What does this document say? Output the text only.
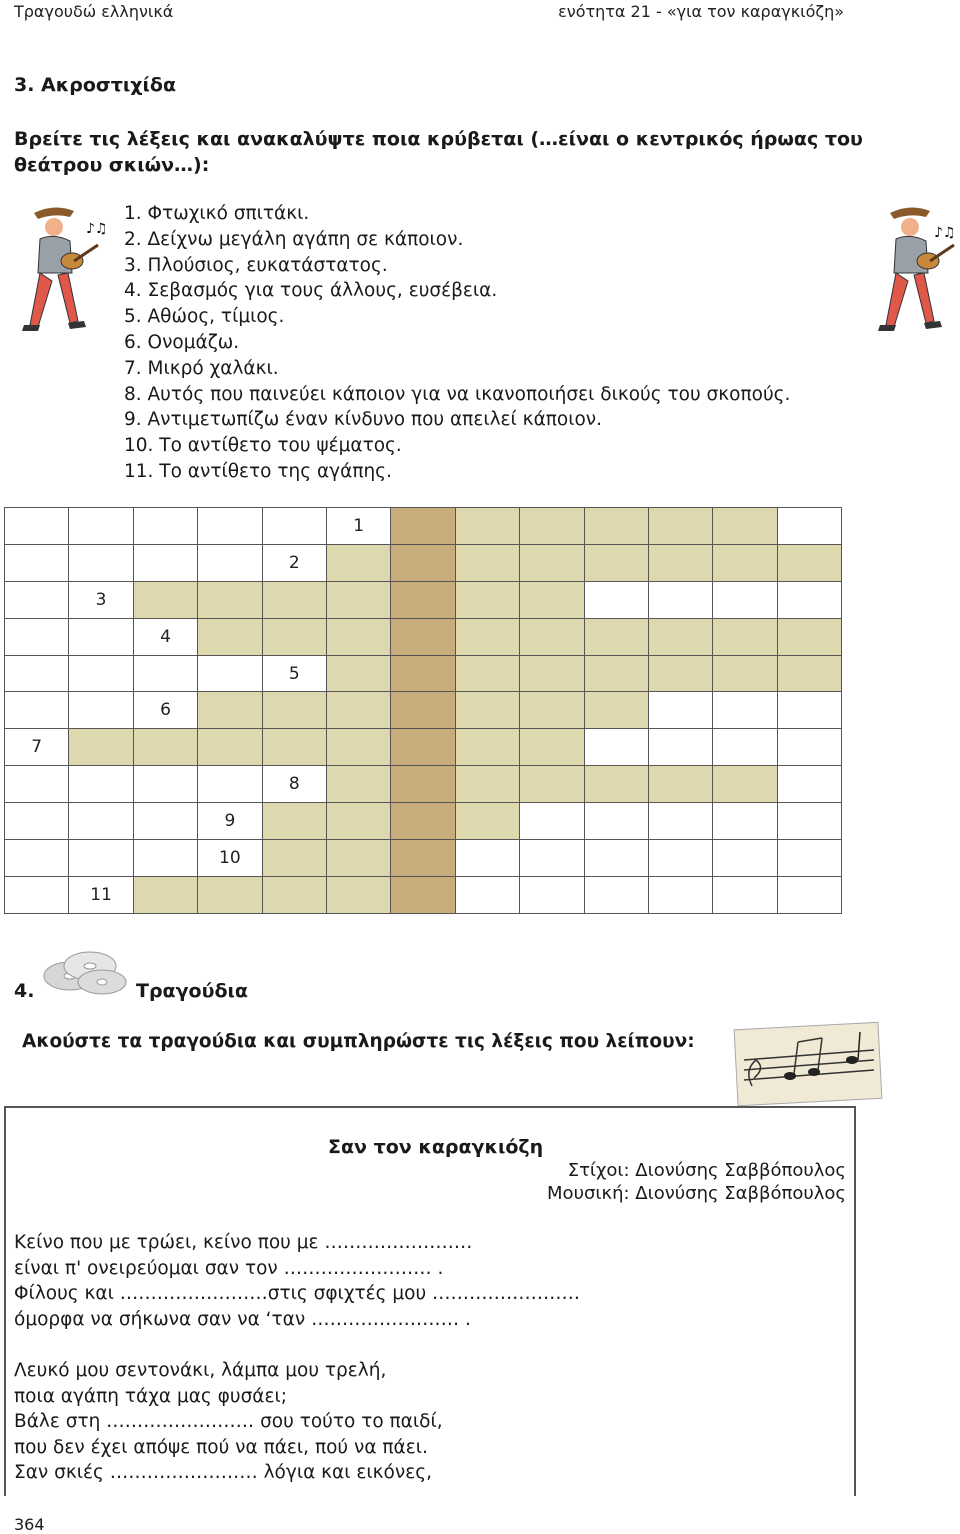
Τραγουδώ ελληνικά	ενότητα 21 - «για τον καραγκιόζη»
3. Ακροστιχίδα
Βρείτε τις λέξεις και ανακαλύψτε ποια κρύβεται (…είναι ο κεντρικός ήρωας του θεάτρου σκιών…):
♪♫	♪♫
1. Φτωχικό σπιτάκι.
2. Δείχνω μεγάλη αγάπη σε κάποιον.
3. Πλούσιος, ευκατάστατος.
4. Σεβασμός για τους άλλους, ευσέβεια.
5. Αθώος, τίμιος.
6. Ονομάζω.
7. Μικρό χαλάκι.
8. Αυτός που παινεύει κάποιον για να ικανοποιήσει δικούς του σκοπούς.
9. Αντιμετωπίζω έναν κίνδυνο που απειλεί κάποιον.
10. Το αντίθετο του ψέματος.
11. Το αντίθετο της αγάπης.
					1							
				2								
	3											
		4										
				5								
		6										
7												
				8								
			9									
			10									
	11											
4.	Τραγούδια
Ακούστε τα τραγούδια και συμπληρώστε τις λέξεις που λείπουν:
Σαν τον καραγκιόζη
Στίχοι: Διονύσης Σαββόπουλος
Μουσική: Διονύσης Σαββόπουλος
Κείνο που με τρώει, κείνο που με ……………………
είναι π' ονειρεύομαι σαν τον …………………… .
Φίλους και ……………………στις σφιχτές μου ……………………
όμορφα να σήκωνα σαν να ‘ταν …………………… .
Λευκό μου σεντονάκι, λάμπα μου τρελή,
ποια αγάπη τάχα μας φυσάει;
Βάλε στη …………………… σου τούτο το παιδί,
που δεν έχει απόψε πού να πάει, πού να πάει.
Σαν σκιές …………………… λόγια και εικόνες,
364
